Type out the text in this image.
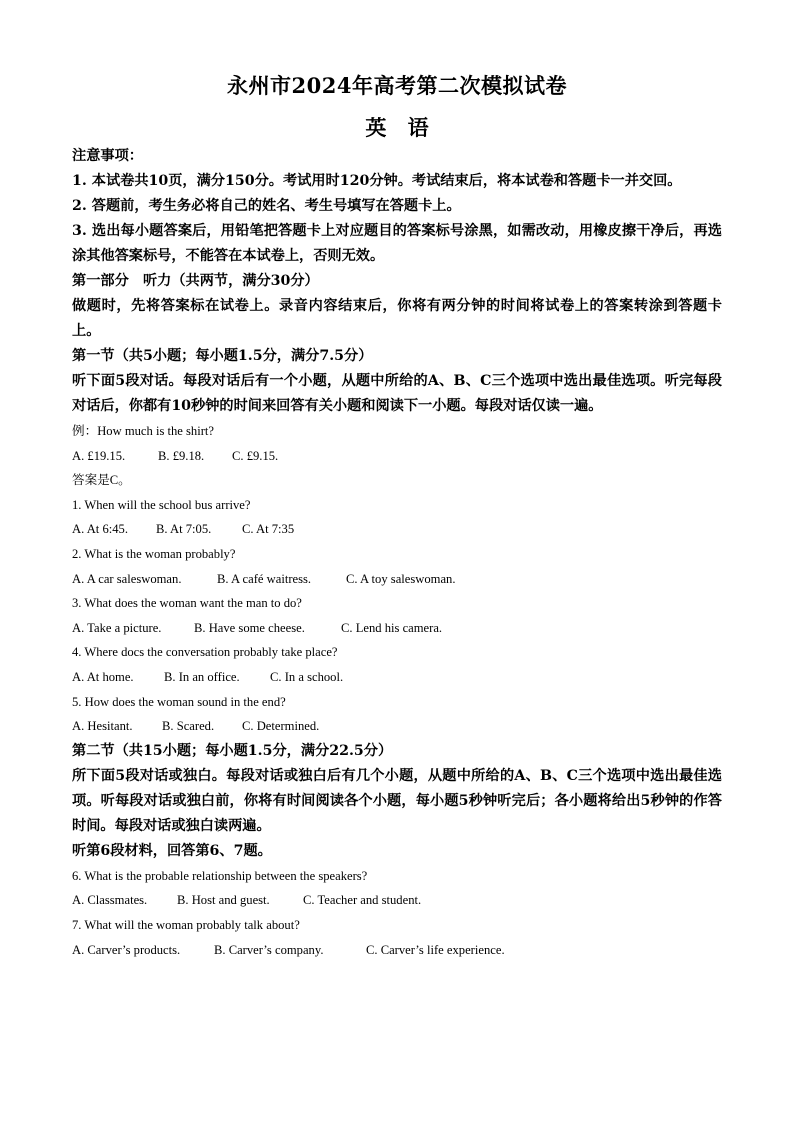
永州市2024年高考第二次模拟试卷
英 语

注意事项：

1. 本试卷共10页，满分150分。考试用时120分钟。考试结束后，将本试卷和答题卡一并交回。

2. 答题前，考生务必将自己的姓名、考生号填写在答题卡上。

3. 选出每小题答案后，用铅笔把答题卡上对应题目的答案标号涂黑，如需改动，用橡皮擦干净后，再选涂其他答案标号，不能答在本试卷上，否则无效。

第一部分　听力（共两节，满分30分）

做题时，先将答案标在试卷上。录音内容结束后，你将有两分钟的时间将试卷上的答案转涂到答题卡上。

第一节（共5小题；每小题1.5分，满分7.5分）

听下面5段对话。每段对话后有一个小题，从题中所给的A、B、C三个选项中选出最佳选项。听完每段对话后，你都有10秒钟的时间来回答有关小题和阅读下一小题。每段对话仅读一遍。

例：How much is the shirt?

A. £19.15.	B. £9.18. C. £9.15.

答案是C。

1. When will the school bus arrive?

A. At 6:45. B. At 7:05. C. At 7:35

2. What is the woman probably?

A. A car saleswoman.	B. A café waitress.	C. A toy saleswoman.

3. What does the woman want the man to do?

A. Take a picture.	B. Have some cheese.	C. Lend his camera.

4. Where docs the conversation probably take place?

A. At home. B. In an office. C. In a school.

5. How does the woman sound in the end?

A. Hesitant. B. Scared. C. Determined.

第二节（共15小题；每小题1.5分，满分22.5分）

所下面5段对话或独白。每段对话或独白后有几个小题，从题中所给的A、B、C三个选项中选出最佳选项。听每段对话或独白前，你将有时间阅读各个小题，每小题5秒钟听完后；各小题将给出5秒钟的作答时间。每段对话或独白读两遍。

听第6段材料，回答第6、7题。

6. What is the probable relationship between the speakers?

A. Classmates. B. Host and guest.	C. Teacher and student.

7. What will the woman probably talk about?

A. Carver’s products.	B. Carver’s company.	C. Carver’s life experience.
